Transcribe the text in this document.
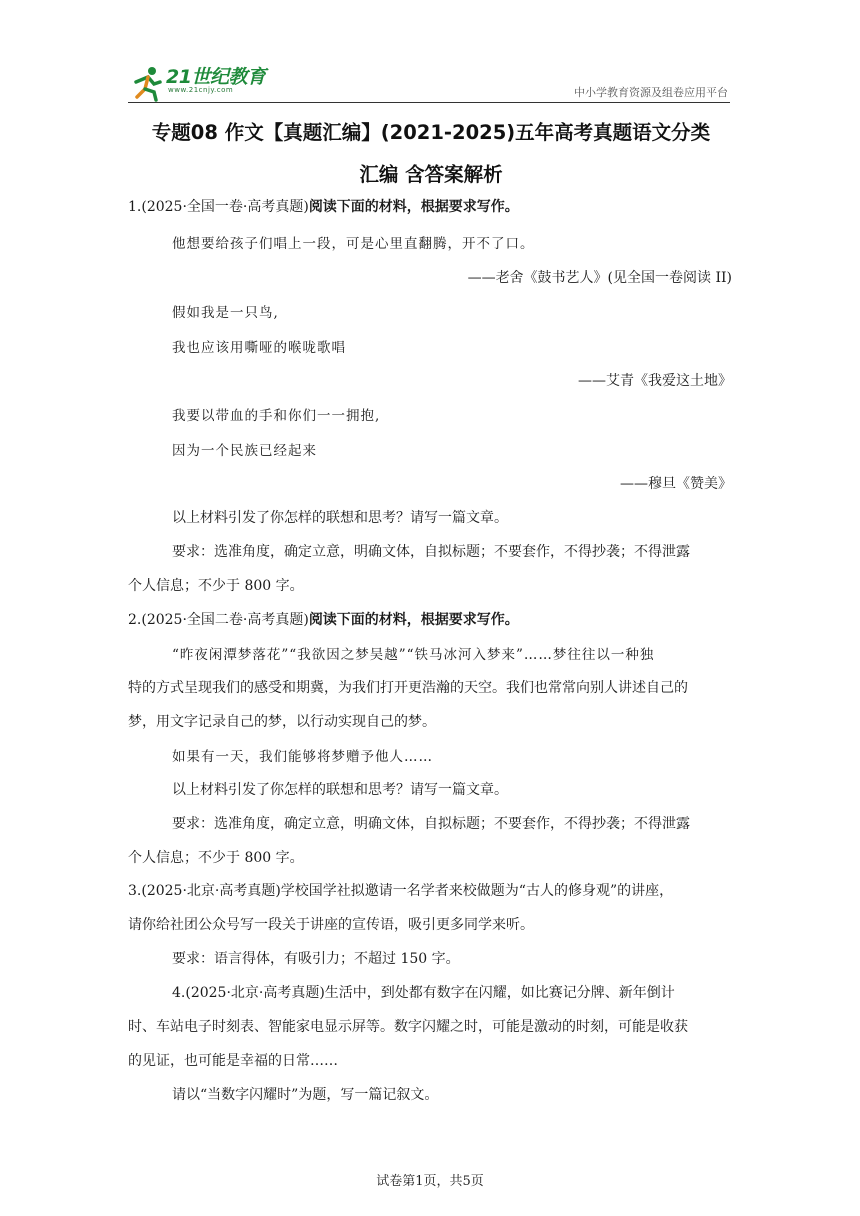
21世纪教育
www.21cnjy.com	中小学教育资源及组卷应用平台
专题08 作文【真题汇编】(2021-2025)五年高考真题语文分类
汇编 含答案解析
1.(2025·全国一卷·高考真题)阅读下面的材料，根据要求写作。
他想要给孩子们唱上一段，可是心里直翻腾，开不了口。
——老舍《鼓书艺人》(见全国一卷阅读 II)
假如我是一只鸟,
我也应该用嘶哑的喉咙歌唱
——艾青《我爱这土地》
我要以带血的手和你们一一拥抱,
因为一个民族已经起来
——穆旦《赞美》
以上材料引发了你怎样的联想和思考？请写一篇文章。
要求：选准角度，确定立意，明确文体，自拟标题；不要套作，不得抄袭；不得泄露
个人信息；不少于 800 字。
2.(2025·全国二卷·高考真题)阅读下面的材料，根据要求写作。
“昨夜闲潭梦落花”“我欲因之梦吴越”“铁马冰河入梦来”……梦往往以一种独
特的方式呈现我们的感受和期冀，为我们打开更浩瀚的天空。我们也常常向别人讲述自己的
梦，用文字记录自己的梦，以行动实现自己的梦。
如果有一天，我们能够将梦赠予他人……
以上材料引发了你怎样的联想和思考？请写一篇文章。
要求：选准角度，确定立意，明确文体，自拟标题；不要套作，不得抄袭；不得泄露
个人信息；不少于 800 字。
3.(2025·北京·高考真题)学校国学社拟邀请一名学者来校做题为“古人的修身观”的讲座，
请你给社团公众号写一段关于讲座的宣传语，吸引更多同学来听。
要求：语言得体，有吸引力；不超过 150 字。
4.(2025·北京·高考真题)生活中，到处都有数字在闪耀，如比赛记分牌、新年倒计
时、车站电子时刻表、智能家电显示屏等。数字闪耀之时，可能是激动的时刻，可能是收获
的见证，也可能是幸福的日常……
请以“当数字闪耀时”为题，写一篇记叙文。
试卷第1页，共5页
